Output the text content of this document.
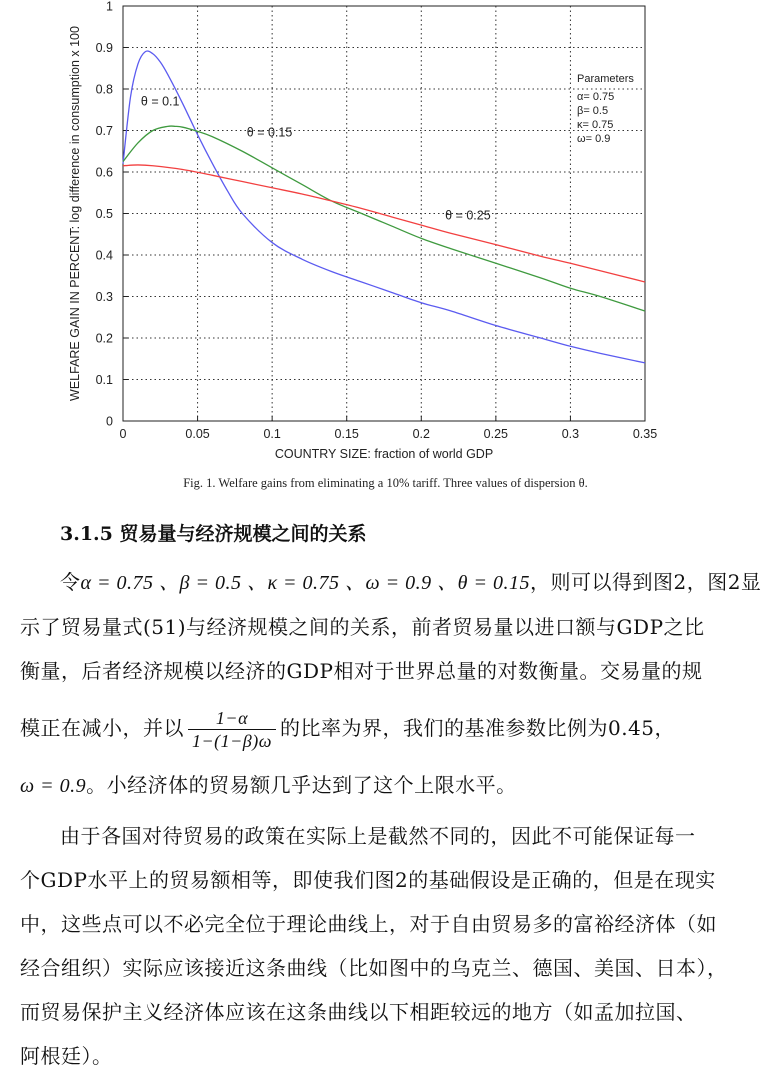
0	0.05	0.1	0.15	0.2	0.25	0.3	0.35
0
0.1
0.2
0.3
0.4
0.5
0.6
0.7
0.8
0.9
1
θ = 0.1
θ = 0.15
θ = 0.25
Parameters
α= 0.75
β= 0.5
κ= 0.75
ω= 0.9
COUNTRY SIZE: fraction of world GDP
WELFARE GAIN IN PERCENT: log difference in consumption x 100
Fig. 1. Welfare gains from eliminating a 10% tariff. Three values of dispersion θ.
3.1.5 贸易量与经济规模之间的关系
令α = 0.75 、β = 0.5 、κ = 0.75 、ω = 0.9 、θ = 0.15，则可以得到图2，图2显
示了贸易量式(51)与经济规模之间的关系，前者贸易量以进口额与GDP之比
衡量，后者经济规模以经济的GDP相对于世界总量的对数衡量。交易量的规
模正在减小，并以 $\frac{1-\alpha}{1-(1-\beta)\omega}$ 的比率为界，我们的基准参数比例为0.45，
ω = 0.9。小经济体的贸易额几乎达到了这个上限水平。
由于各国对待贸易的政策在实际上是截然不同的，因此不可能保证每一
个GDP水平上的贸易额相等，即使我们图2的基础假设是正确的，但是在现实
中，这些点可以不必完全位于理论曲线上，对于自由贸易多的富裕经济体（如
经合组织）实际应该接近这条曲线（比如图中的乌克兰、德国、美国、日本），
而贸易保护主义经济体应该在这条曲线以下相距较远的地方（如孟加拉国、
阿根廷）。
